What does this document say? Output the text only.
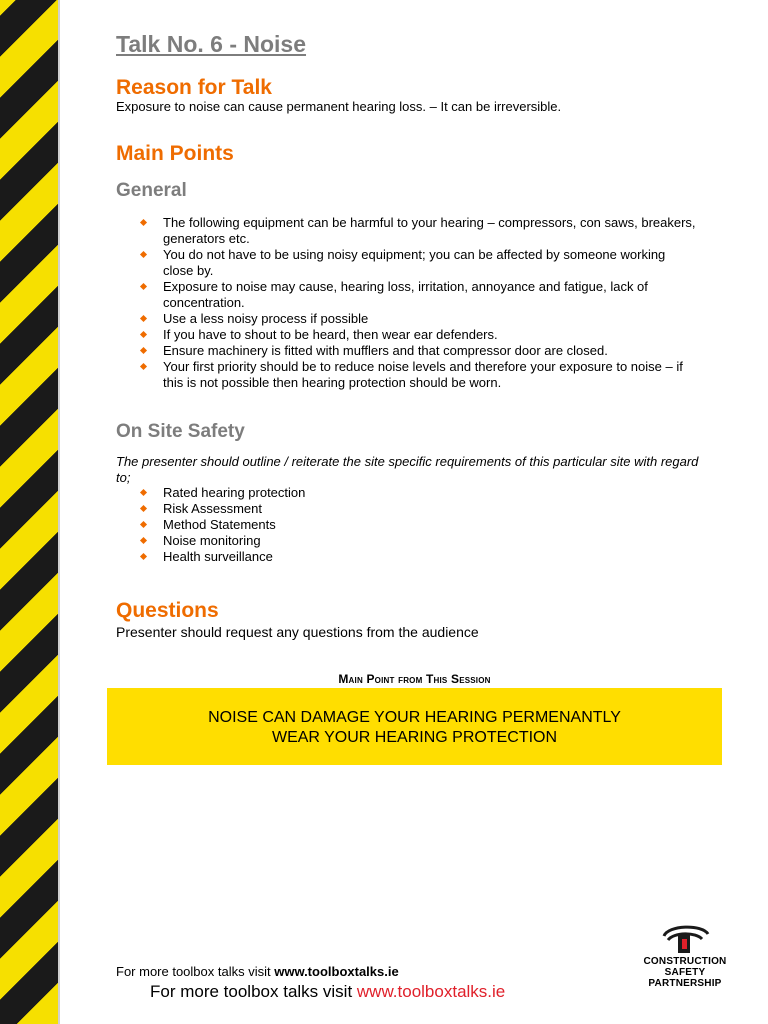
Talk No. 6 - Noise
Reason for Talk
Exposure to noise can cause permanent hearing loss. – It can be irreversible.
Main Points
General
The following equipment can be harmful to your hearing – compressors, con saws, breakers, generators etc.
You do not have to be using noisy equipment; you can be affected by someone working close by.
Exposure to noise may cause, hearing loss, irritation, annoyance and fatigue, lack of concentration.
Use a less noisy process if possible
If you have to shout to be heard, then wear ear defenders.
Ensure machinery is fitted with mufflers and that compressor door are closed.
Your first priority should be to reduce noise levels and therefore your exposure to noise – if this is not possible then hearing protection should be worn.
On Site Safety
The presenter should outline / reiterate the site specific requirements of this particular site with regard to;
Rated hearing protection
Risk Assessment
Method Statements
Noise monitoring
Health surveillance
Questions
Presenter should request any questions from the audience
Main Point from This Session
NOISE CAN DAMAGE YOUR HEARING PERMENANTLY
WEAR YOUR HEARING PROTECTION
For more toolbox talks visit www.toolboxtalks.ie
For more toolbox talks visit www.toolboxtalks.ie
CONSTRUCTION
SAFETY
PARTNERSHIP
